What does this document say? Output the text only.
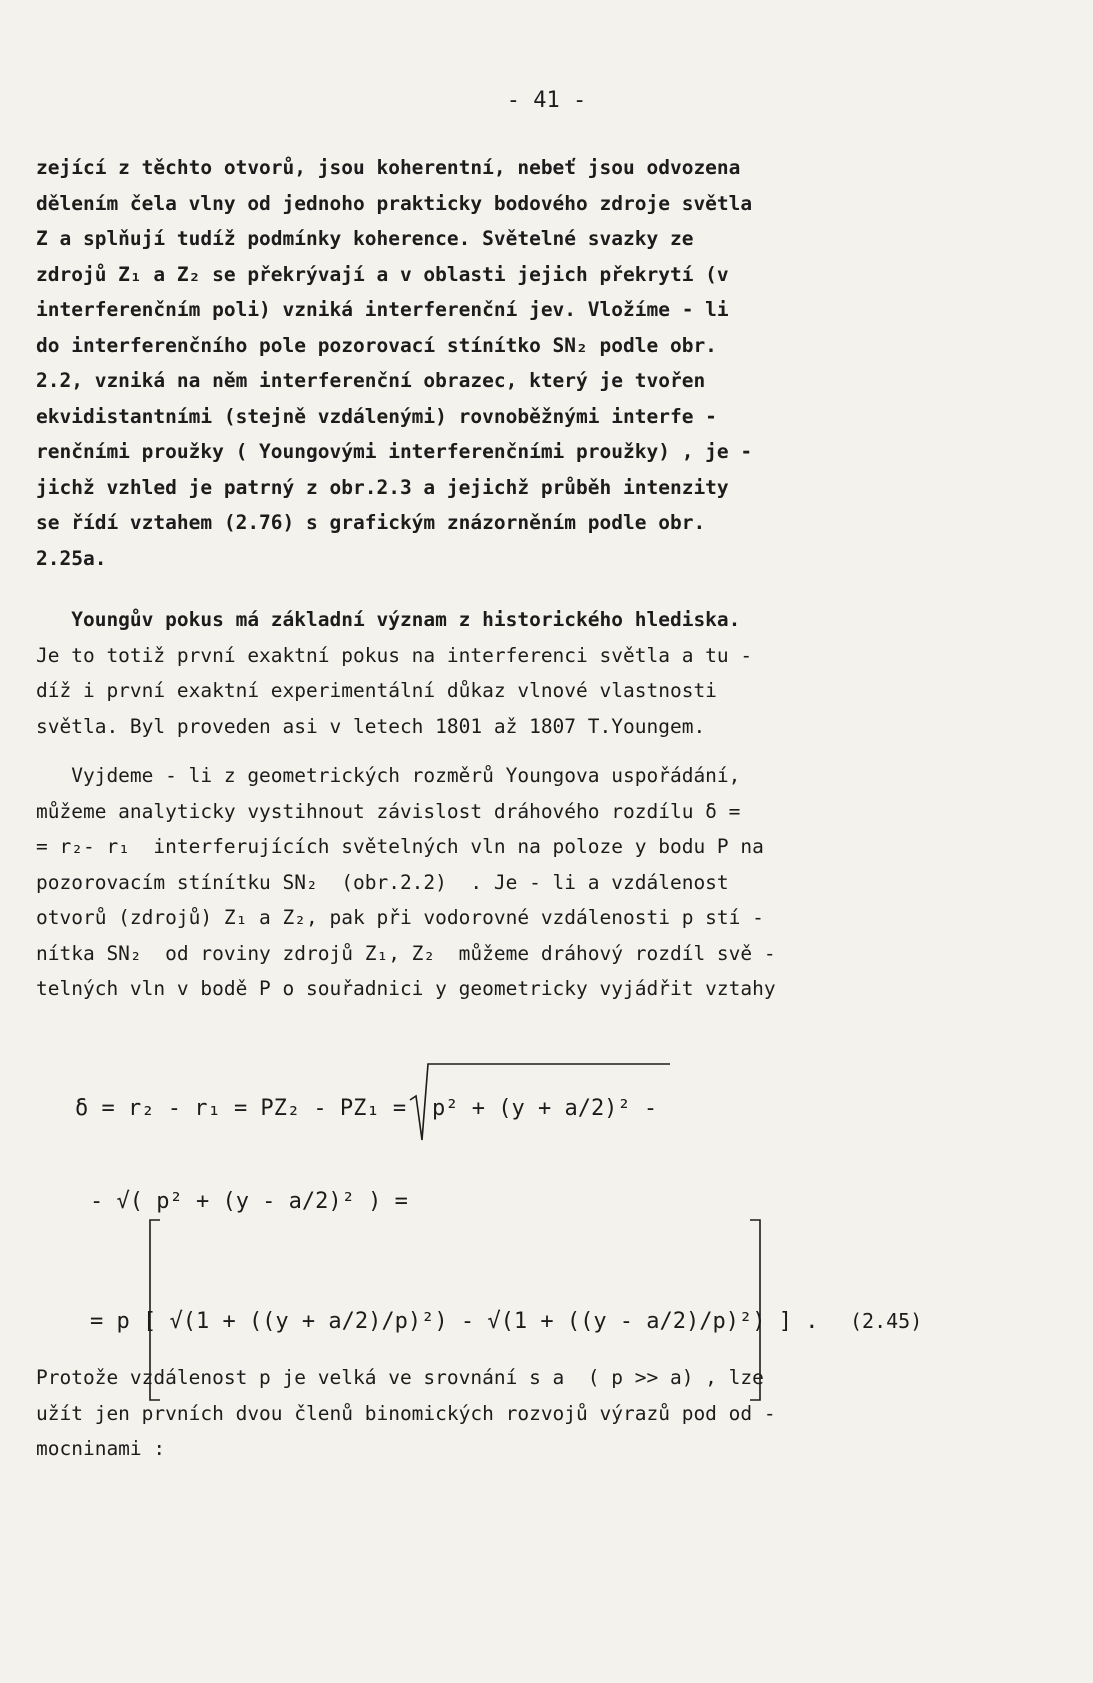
- 41 -
zející z těchto otvorů, jsou koherentní, nebeť jsou odvozena
dělením čela vlny od jednoho prakticky bodového zdroje světla
Z a splňují tudíž podmínky koherence. Světelné svazky ze
zdrojů Z₁ a Z₂ se překrývají a v oblasti jejich překrytí (v
interferenčním poli) vzniká interferenční jev. Vložíme - li
do interferenčního pole pozorovací stínítko SN₂ podle obr.
2.2, vzniká na něm interferenční obrazec, který je tvořen
ekvidistantními (stejně vzdálenými) rovnoběžnými interfe -
renčními proužky ( Youngovými interferenčními proužky) , je -
jichž vzhled je patrný z obr.2.3 a jejichž průběh intenzity
se řídí vztahem (2.76) s grafickým znázorněním podle obr.
2.25a.
Youngův pokus má základní význam z historického hlediska.
Je to totiž první exaktní pokus na interferenci světla a tu -
díž i první exaktní experimentální důkaz vlnové vlastnosti
světla. Byl proveden asi v letech 1801 až 1807 T.Youngem.
Vyjdeme - li z geometrických rozměrů Youngova uspořádání,
můžeme analyticky vystihnout závislost dráhového rozdílu δ =
= r₂- r₁  interferujících světelných vln na poloze y bodu P na
pozorovacím stínítku SN₂  (obr.2.2)  . Je - li a vzdálenost
otvorů (zdrojů) Z₁ a Z₂, pak při vodorovné vzdálenosti p stí -
nítka SN₂  od roviny zdrojů Z₁, Z₂  můžeme dráhový rozdíl svě -
telných vln v bodě P o souřadnici y geometricky vyjádřit vztahy
δ = r₂ - r₁ = PZ₂ - PZ₁ = p² + (y + a/2)² -
- √( p² + (y - a/2)² ) =
= p [ √(1 + ((y + a/2)/p)²) - √(1 + ((y - a/2)/p)²) ] . (2.45)
Protože vzdálenost p je velká ve srovnání s a  ( p >> a) , lze
užít jen prvních dvou členů binomických rozvojů výrazů pod od -
mocninami :
